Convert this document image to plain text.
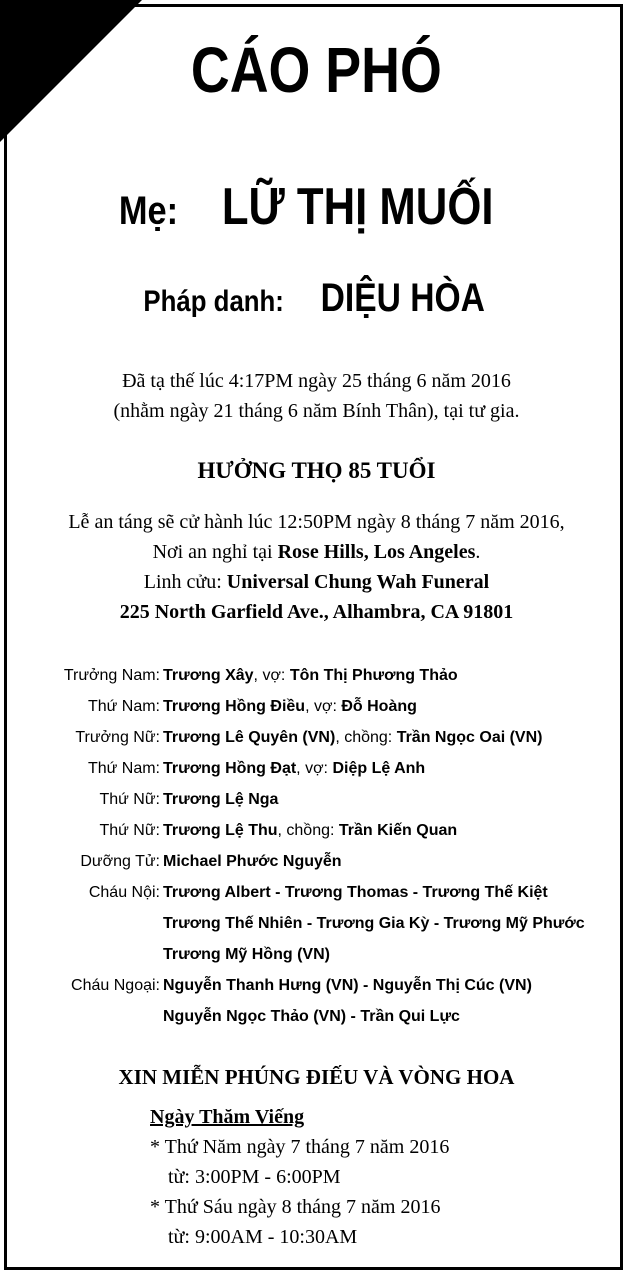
CÁO PHÓ
Mẹ: LỮ THỊ MUỐI
Pháp danh: DIỆU HÒA
Đã tạ thế lúc 4:17PM ngày 25 tháng 6 năm 2016
(nhằm ngày 21 tháng 6 năm Bính Thân), tại tư gia.
HƯỞNG THỌ 85 TUỔI
Lễ an táng sẽ cử hành lúc 12:50PM ngày 8 tháng 7 năm 2016,
Nơi an nghỉ tại Rose Hills, Los Angeles.
Linh cửu: Universal Chung Wah Funeral
225 North Garfield Ave., Alhambra, CA 91801
Trưởng Nam: Trương Xây, vợ: Tôn Thị Phương Thảo
Thứ Nam: Trương Hồng Điều, vợ: Đỗ Hoàng
Trưởng Nữ: Trương Lê Quyên (VN), chồng: Trần Ngọc Oai (VN)
Thứ Nam: Trương Hồng Đạt, vợ: Diệp Lệ Anh
Thứ Nữ: Trương Lệ Nga
Thứ Nữ: Trương Lệ Thu, chồng: Trần Kiến Quan
Dưỡng Tử: Michael Phước Nguyễn
Cháu Nội: Trương Albert - Trương Thomas - Trương Thế Kiệt
Trương Thế Nhiên - Trương Gia Kỳ - Trương Mỹ Phước
Trương Mỹ Hồng (VN)
Cháu Ngoại: Nguyễn Thanh Hưng (VN) - Nguyễn Thị Cúc (VN)
Nguyễn Ngọc Thảo (VN) - Trần Qui Lực
XIN MIỄN PHÚNG ĐIẾU VÀ VÒNG HOA
Ngày Thăm Viếng
* Thứ Năm ngày 7 tháng 7 năm 2016
từ: 3:00PM - 6:00PM
* Thứ Sáu ngày 8 tháng 7 năm 2016
từ: 9:00AM - 10:30AM
